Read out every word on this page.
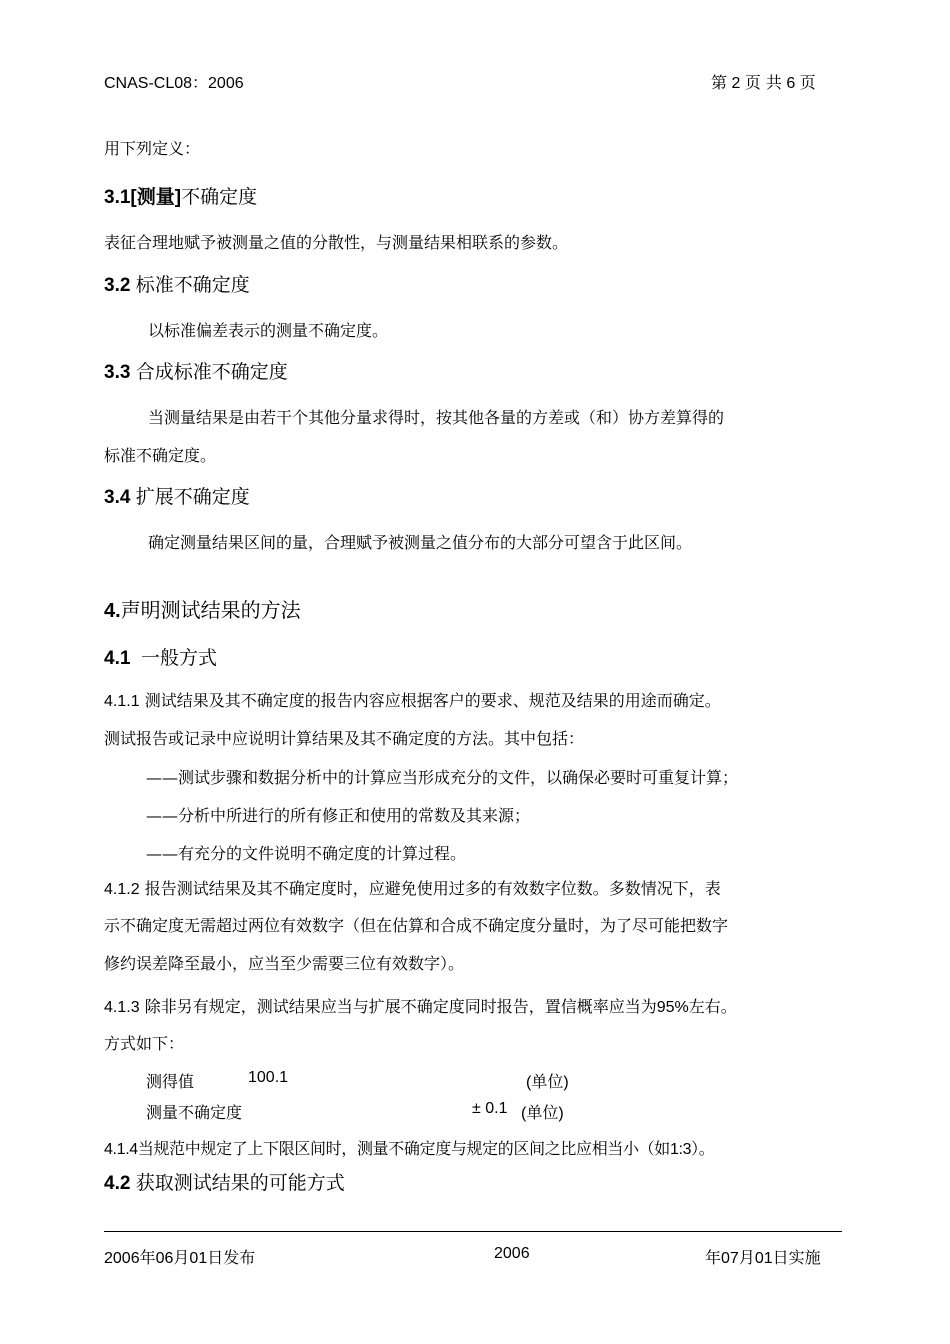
CNAS-CL08：2006	第 2 页 共 6 页
用下列定义：
3.1[测量]不确定度
表征合理地赋予被测量之值的分散性，与测量结果相联系的参数。
3.2 标准不确定度
以标准偏差表示的测量不确定度。
3.3 合成标准不确定度
当测量结果是由若干个其他分量求得时，按其他各量的方差或（和）协方差算得的
标准不确定度。
3.4 扩展不确定度
确定测量结果区间的量，合理赋予被测量之值分布的大部分可望含于此区间。
4.声明测试结果的方法
4.1 一般方式
4.1.1 测试结果及其不确定度的报告内容应根据客户的要求、规范及结果的用途而确定。
测试报告或记录中应说明计算结果及其不确定度的方法。其中包括：
——测试步骤和数据分析中的计算应当形成充分的文件，以确保必要时可重复计算；
——分析中所进行的所有修正和使用的常数及其来源；
——有充分的文件说明不确定度的计算过程。
4.1.2 报告测试结果及其不确定度时，应避免使用过多的有效数字位数。多数情况下，表
示不确定度无需超过两位有效数字（但在估算和合成不确定度分量时，为了尽可能把数字
修约误差降至最小，应当至少需要三位有效数字）。
4.1.3 除非另有规定，测试结果应当与扩展不确定度同时报告，置信概率应当为95%左右。
方式如下：
测得值	100.1	(单位)
测量不确定度	± 0.1 (单位)
4.1.4当规范中规定了上下限区间时，测量不确定度与规定的区间之比应相当小（如1:3）。
4.2 获取测试结果的可能方式
2006年06月01日发布	2006	年07月01日实施
